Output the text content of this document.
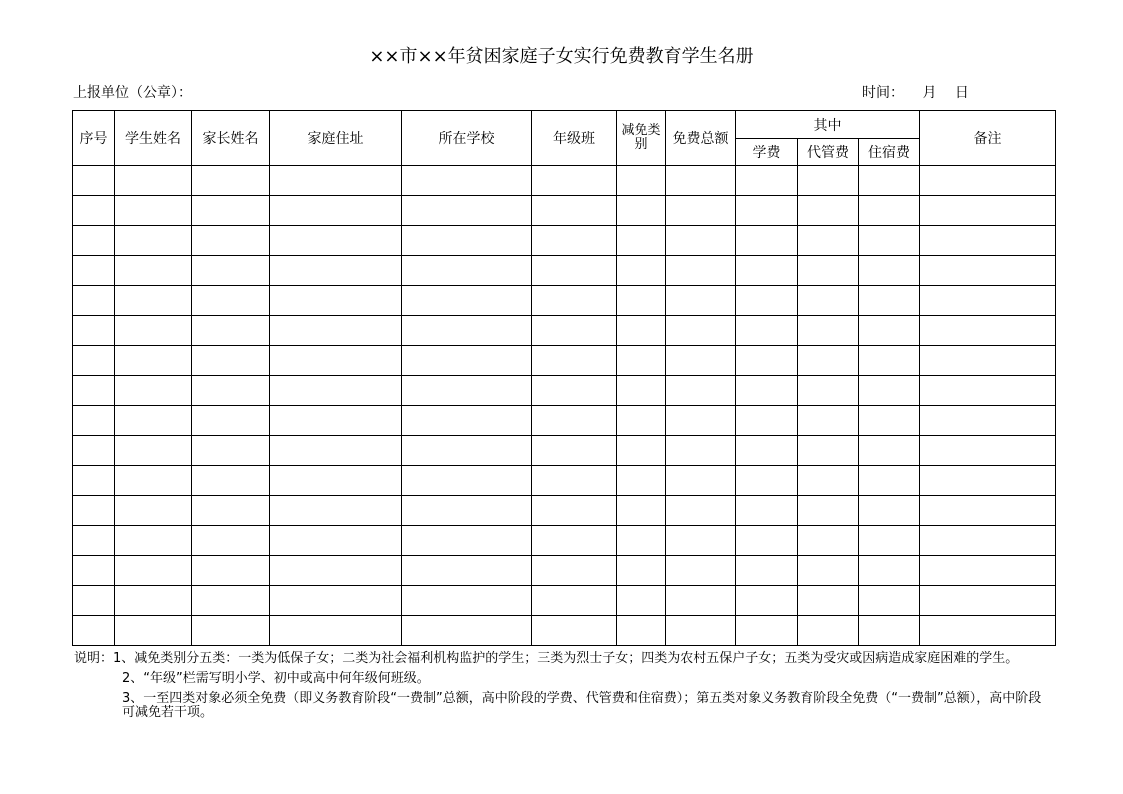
××市××年贫困家庭子女实行免费教育学生名册
上报单位（公章）：	时间： 月 日
序号	学生姓名	家长姓名	家庭住址	所在学校	年级班	减免类别	免费总额	其中			备注
								学费	代管费	住宿费	

说明：1、减免类别分五类：一类为低保子女；二类为社会福利机构监护的学生；三类为烈士子女；四类为农村五保户子女；五类为受灾或因病造成家庭困难的学生。

2、“年级”栏需写明小学、初中或高中何年级何班级。

3、一至四类对象必须全免费（即义务教育阶段“一费制”总额，高中阶段的学费、代管费和住宿费）；第五类对象义务教育阶段全免费（“一费制”总额），高中阶段可减免若干项。
